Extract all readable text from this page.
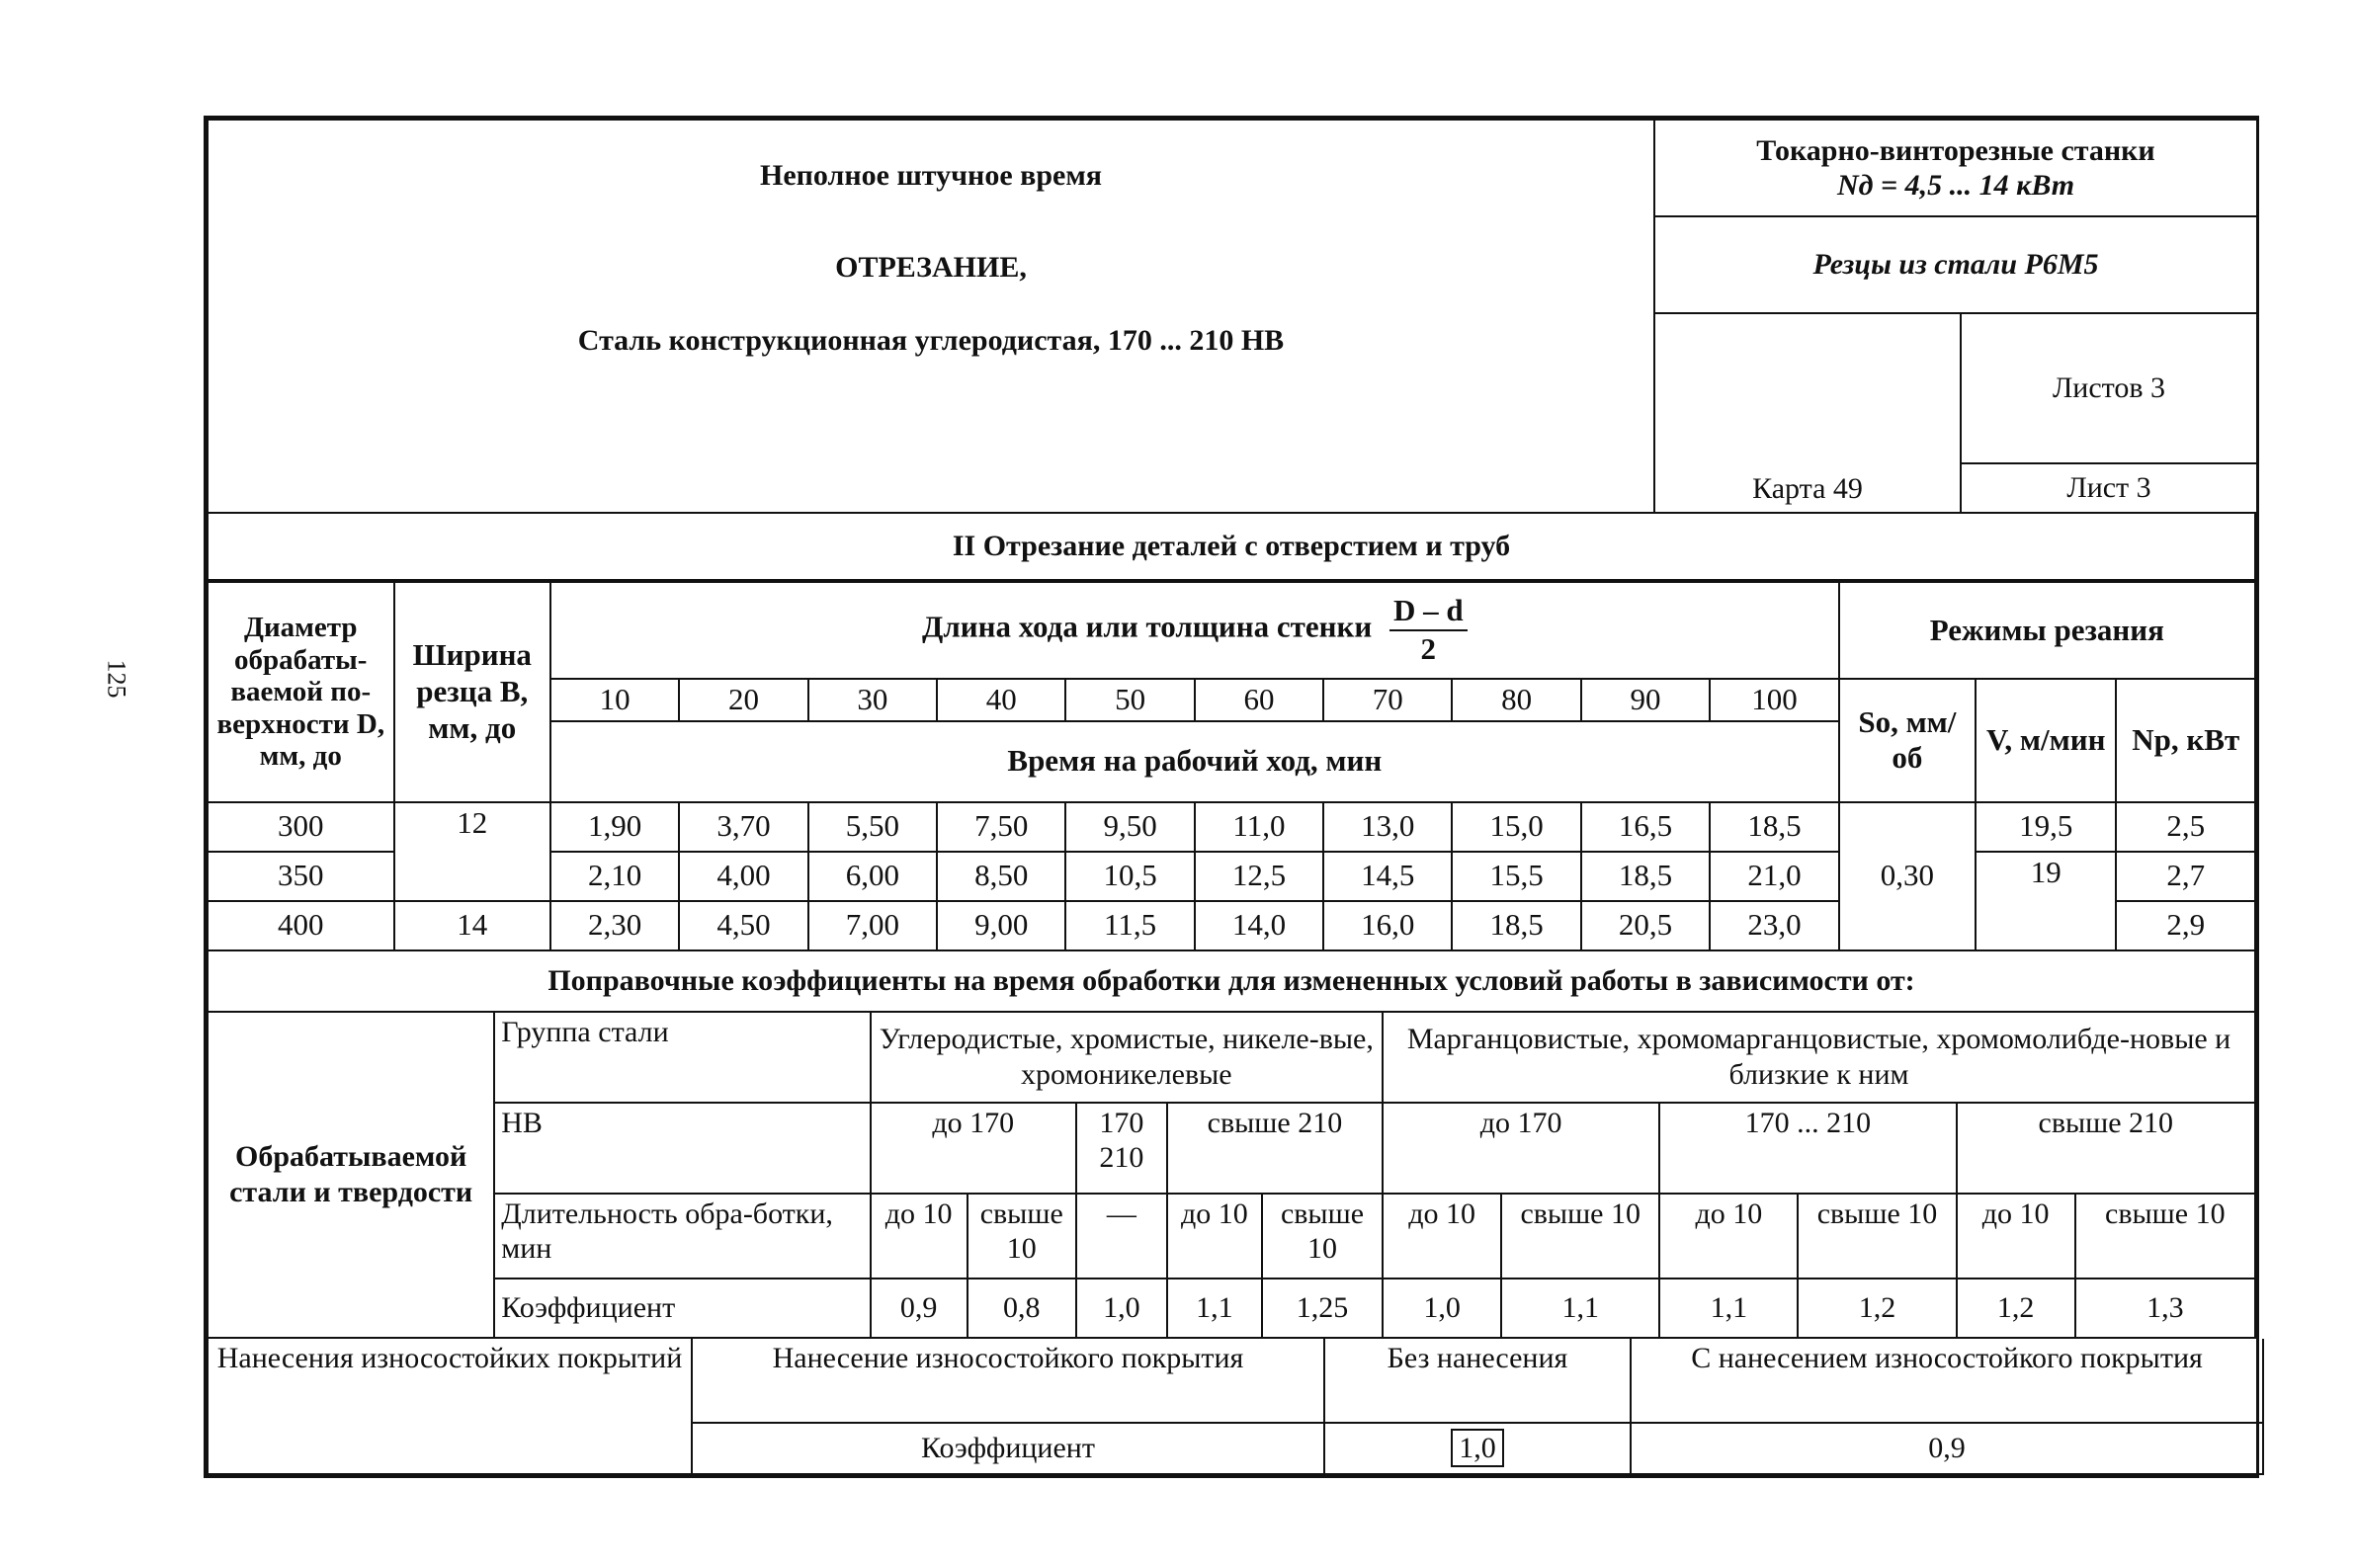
125
Неполное штучное время
ОТРЕЗАНИЕ,
Сталь конструкционная углеродистая, 170 ... 210 НВ	Токарно-винторезные станки
Nд = 4,5 ... 14 кВт	
	Резцы из стали Р6М5	
	Карта 49	Листов 3
		Лист 3
II Отрезание деталей с отверстием и труб
Диаметр обрабаты-ваемой по-верхности D, мм, до	Ширина резца B, мм, до	Длина хода или толщина стенки $\frac{D - d}{2}$										Режимы резания		
		10	20	30	40	50	60	70	80	90	100	Sо, мм/об	V, м/мин	Nр, кВт
		Время на рабочий ход, мин												
300	12	1,90	3,70	5,50	7,50	9,50	11,0	13,0	15,0	16,5	18,5	0,30	19,5	2,5
350		2,10	4,00	6,00	8,50	10,5	12,5	14,5	15,5	18,5	21,0		19	2,7
400	14	2,30	4,50	7,00	9,00	11,5	14,0	16,0	18,5	20,5	23,0			2,9
Поправочные коэффициенты на время обработки для измененных условий работы в зависимости от:
Обрабатываемой стали и твердости	Группа стали	Углеродистые, хромистые, никеле-вые, хромоникелевые					Марганцовистые, хромомарганцовистые, хромомолибде-новые и близкие к ним					
	НВ	до 170		170 210	свыше 210		до 170		170 ... 210		свыше 210	
	Длительность обра-ботки, мин	до 10	свыше 10	—	до 10	свыше 10	до 10	свыше 10	до 10	свыше 10	до 10	свыше 10
	Коэффициент	0,9	0,8	1,0	1,1	1,25	1,0	1,1	1,1	1,2	1,2	1,3
Нанесения износостойких покрытий	Нанесение износостойкого покрытия	Без нанесения	С нанесением износостойкого покрытия
	Коэффициент	1,0	0,9
